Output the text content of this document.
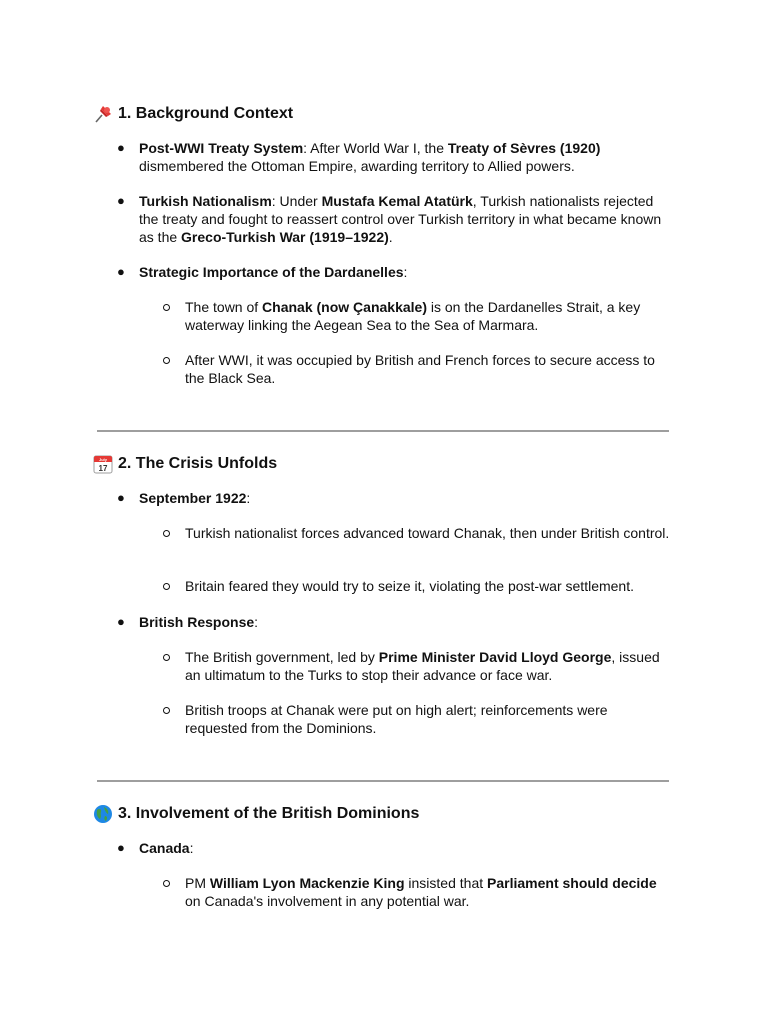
1. Background Context
● Post-WWI Treaty System: After World War I, the Treaty of Sèvres (1920) dismembered the Ottoman Empire, awarding territory to Allied powers.
● Turkish Nationalism: Under Mustafa Kemal Atatürk, Turkish nationalists rejected the treaty and fought to reassert control over Turkish territory in what became known as the Greco-Turkish War (1919–1922).
● Strategic Importance of the Dardanelles:
The town of Chanak (now Çanakkale) is on the Dardanelles Strait, a key waterway linking the Aegean Sea to the Sea of Marmara.
After WWI, it was occupied by British and French forces to secure access to the Black Sea.
July
17 2. The Crisis Unfolds
● September 1922:
Turkish nationalist forces advanced toward Chanak, then under British control.
Britain feared they would try to seize it, violating the post-war settlement.
● British Response:
The British government, led by Prime Minister David Lloyd George, issued an ultimatum to the Turks to stop their advance or face war.
British troops at Chanak were put on high alert; reinforcements were requested from the Dominions.
3. Involvement of the British Dominions
● Canada:
PM William Lyon Mackenzie King insisted that Parliament should decide on Canada's involvement in any potential war.
